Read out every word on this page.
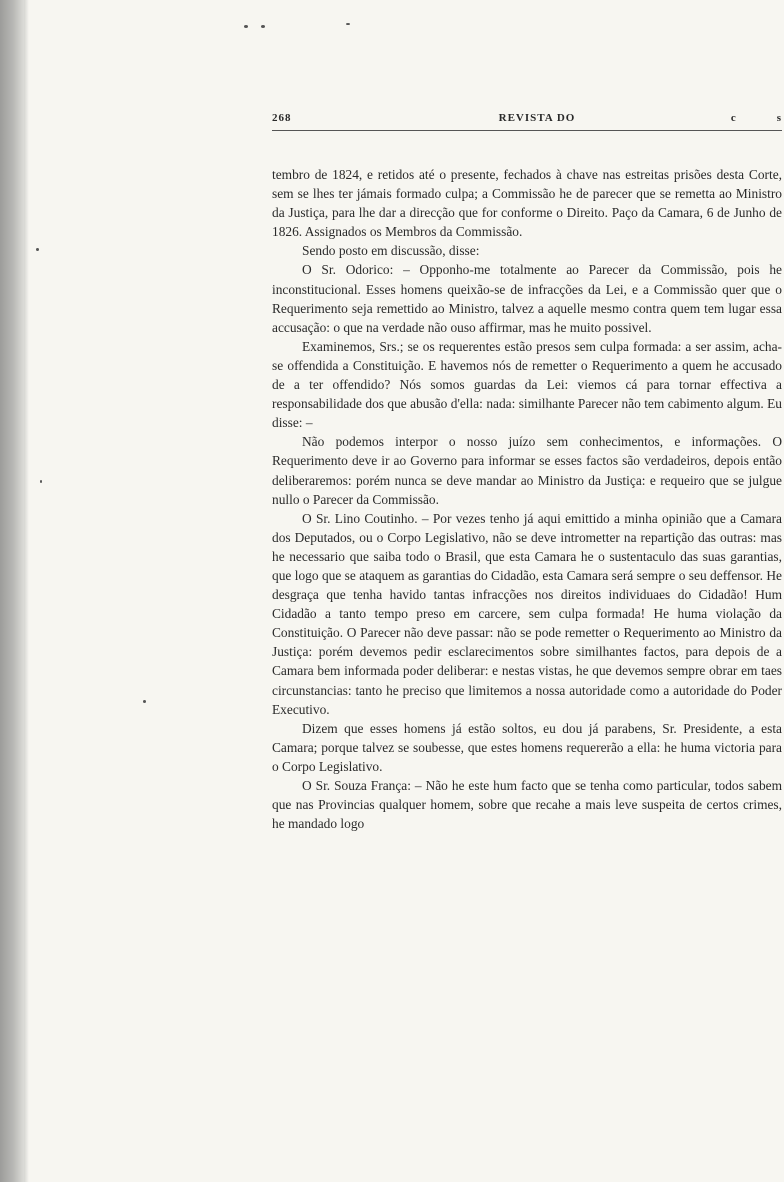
268	REVISTA DO	c	s

tembro de 1824, e retidos até o presente, fechados à chave nas estreitas prisões desta Corte, sem se lhes ter jámais formado culpa; a Commissão he de parecer que se remetta ao Ministro da Justiça, para lhe dar a direcção que for conforme o Direito. Paço da Camara, 6 de Junho de 1826. Assignados os Membros da Commissão.

Sendo posto em discussão, disse:

O Sr. Odorico: – Opponho-me totalmente ao Parecer da Commissão, pois he inconstitucional. Esses homens queixão-se de infracções da Lei, e a Commissão quer que o Requerimento seja remettido ao Ministro, talvez a aquelle mesmo contra quem tem lugar essa accusação: o que na verdade não ouso affirmar, mas he muito possivel.

Examinemos, Srs.; se os requerentes estão presos sem culpa formada: a ser assim, acha-se offendida a Constituição. E havemos nós de remetter o Requerimento a quem he accusado de a ter offendido? Nós somos guardas da Lei: viemos cá para tornar effectiva a responsabilidade dos que abusão d'ella: nada: similhante Parecer não tem cabimento algum. Eu disse: –

Não podemos interpor o nosso juízo sem conhecimentos, e informações. O Requerimento deve ir ao Governo para informar se esses factos são verdadeiros, depois então deliberaremos: porém nunca se deve mandar ao Ministro da Justiça: e requeiro que se julgue nullo o Parecer da Commissão.

O Sr. Lino Coutinho. – Por vezes tenho já aqui emittido a minha opinião que a Camara dos Deputados, ou o Corpo Legislativo, não se deve intrometter na repartição das outras: mas he necessario que saiba todo o Brasil, que esta Camara he o sustentaculo das suas garantias, que logo que se ataquem as garantias do Cidadão, esta Camara será sempre o seu deffensor. He desgraça que tenha havido tantas infracções nos direitos individuaes do Cidadão! Hum Cidadão a tanto tempo preso em carcere, sem culpa formada! He huma violação da Constituição. O Parecer não deve passar: não se pode remetter o Requerimento ao Ministro da Justiça: porém devemos pedir esclarecimentos sobre similhantes factos, para depois de a Camara bem informada poder deliberar: e nestas vistas, he que devemos sempre obrar em taes circunstancias: tanto he preciso que limitemos a nossa autoridade como a autoridade do Poder Executivo.

Dizem que esses homens já estão soltos, eu dou já parabens, Sr. Presidente, a esta Camara; porque talvez se soubesse, que estes homens requererão a ella: he huma victoria para o Corpo Legislativo.

O Sr. Souza França: – Não he este hum facto que se tenha como particular, todos sabem que nas Provincias qualquer homem, sobre que recahe a mais leve suspeita de certos crimes, he mandado logo
